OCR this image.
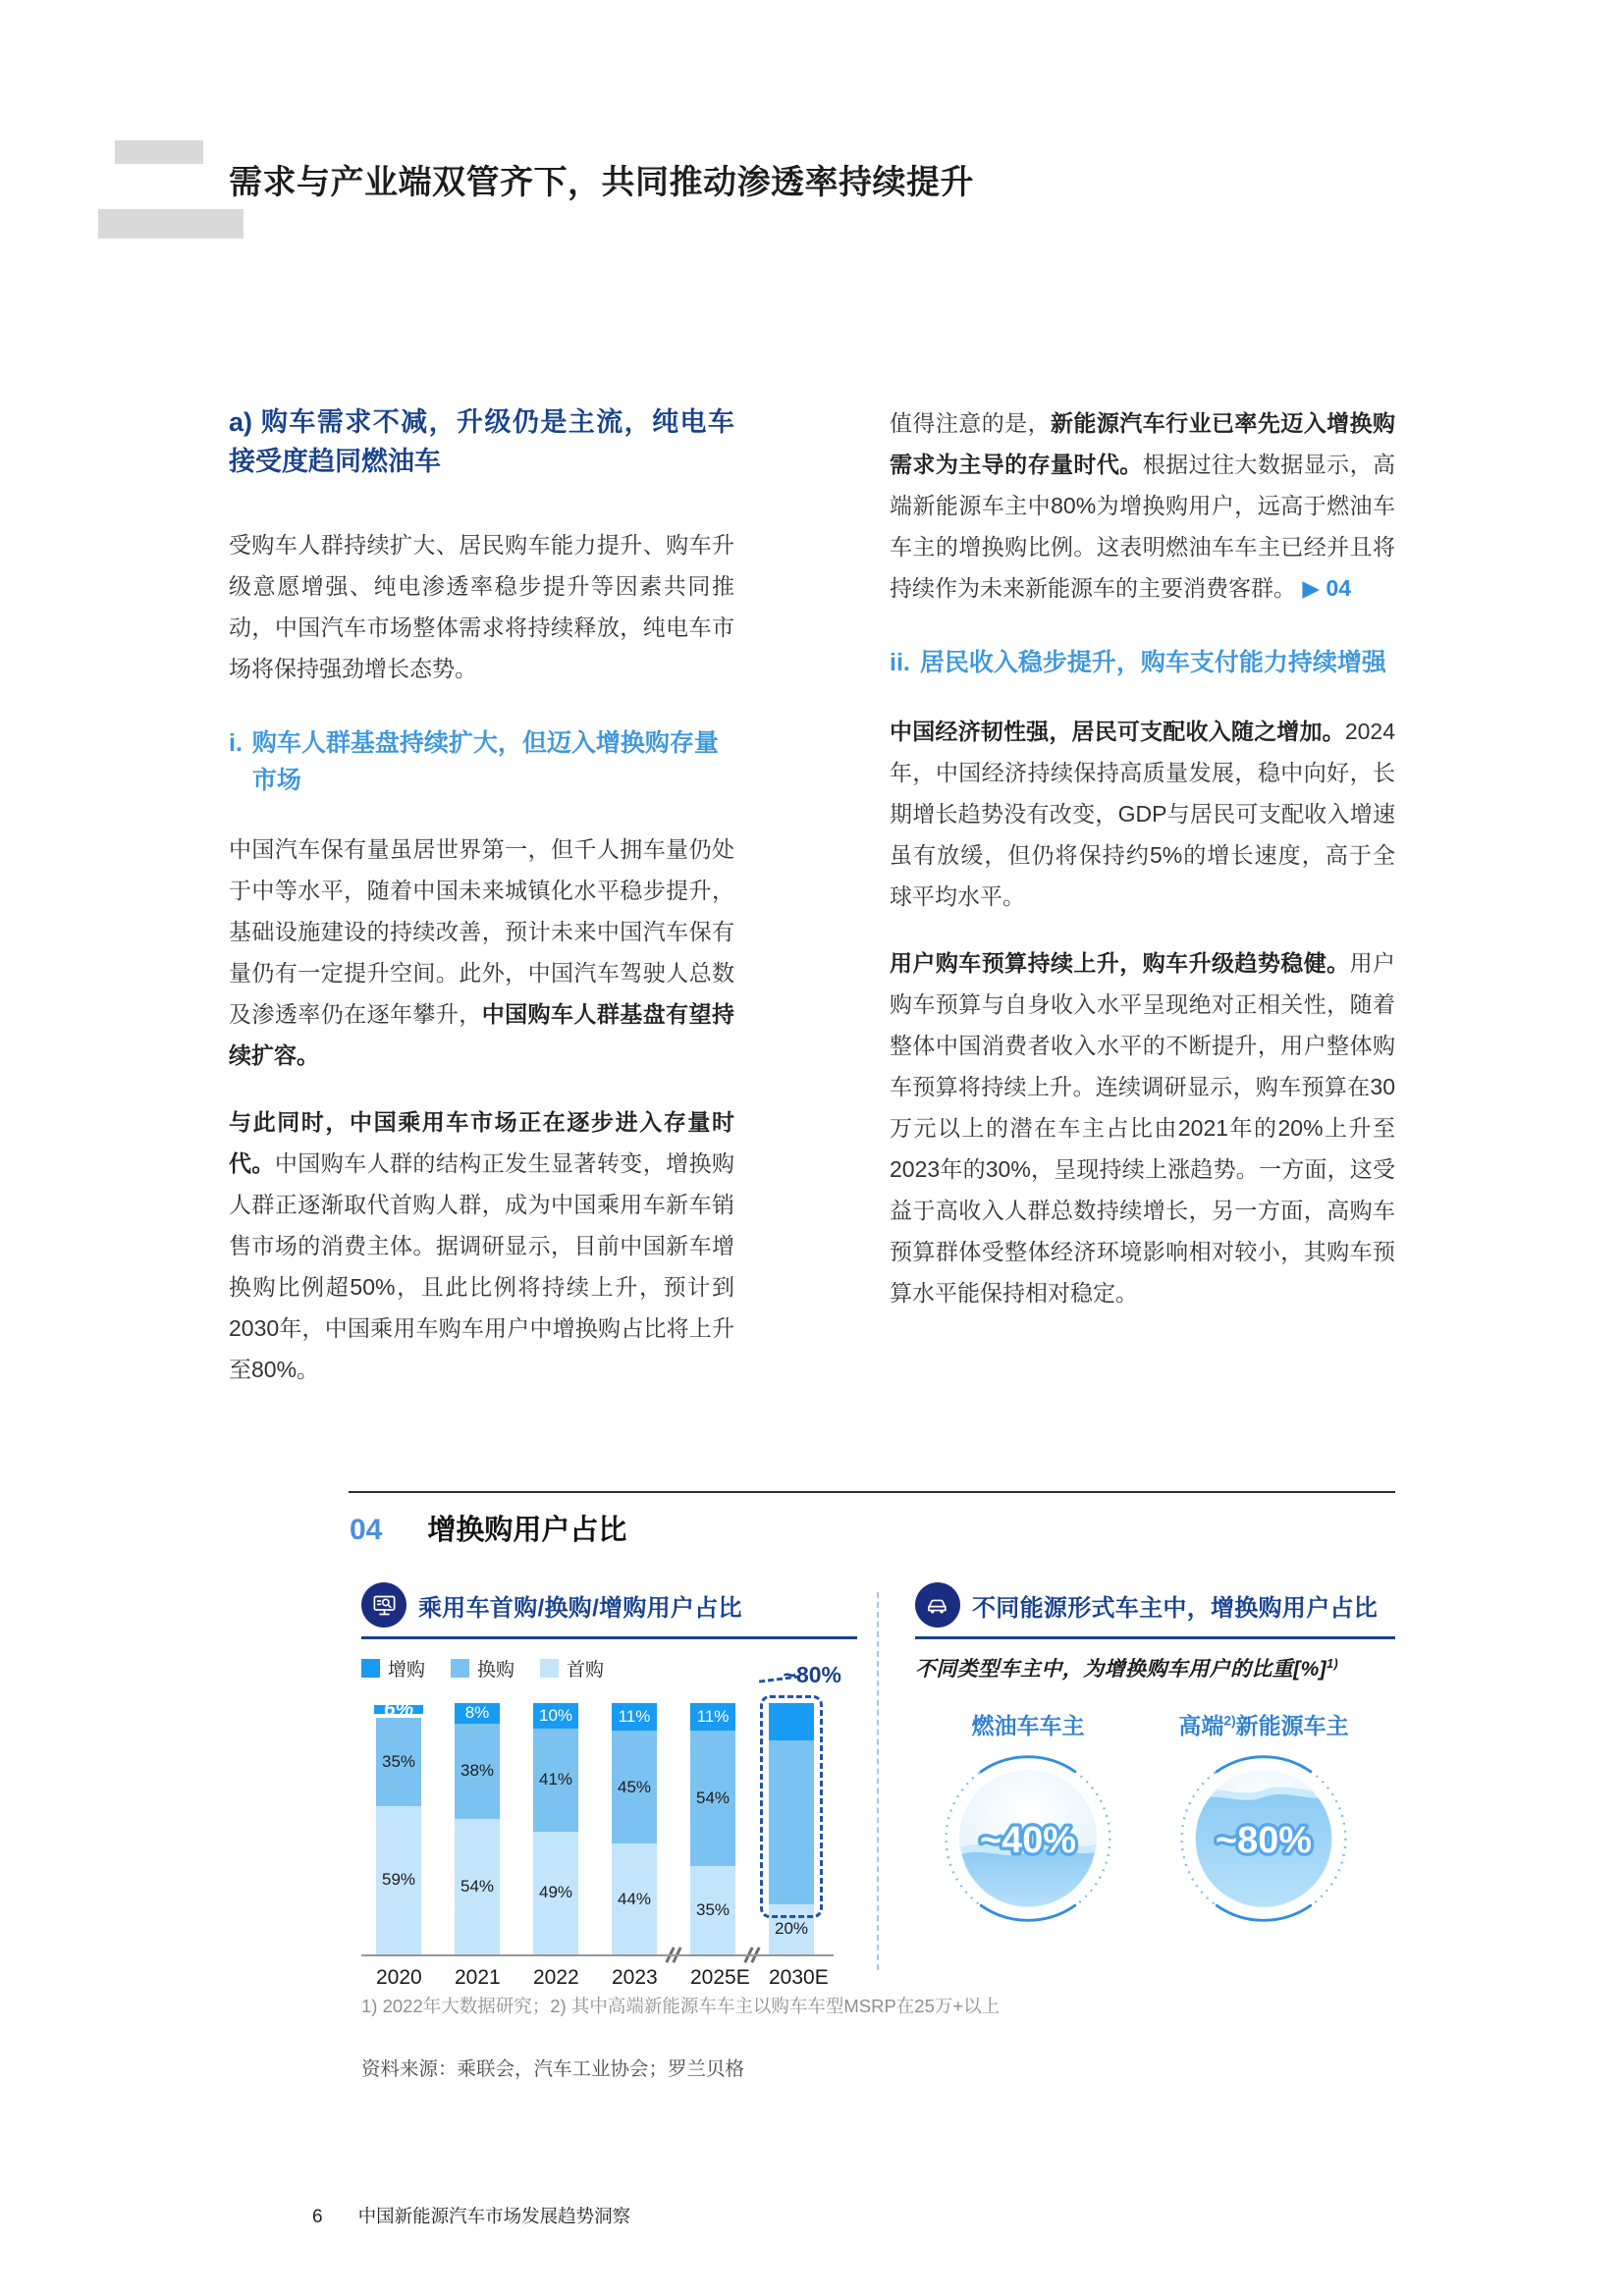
需求与产业端双管齐下，共同推动渗透率持续提升
a) 购车需求不减，升级仍是主流，纯电车接受度趋同燃油车

受购车人群持续扩大、居民购车能力提升、购车升级意愿增强、纯电渗透率稳步提升等因素共同推动，中国汽车市场整体需求将持续释放，纯电车市场将保持强劲增长态势。

i. 购车人群基盘持续扩大，但迈入增换购存量市场

中国汽车保有量虽居世界第一，但千人拥车量仍处于中等水平，随着中国未来城镇化水平稳步提升，基础设施建设的持续改善，预计未来中国汽车保有量仍有一定提升空间。此外，中国汽车驾驶人总数及渗透率仍在逐年攀升，中国购车人群基盘有望持续扩容。

与此同时，中国乘用车市场正在逐步进入存量时代。中国购车人群的结构正发生显著转变，增换购人群正逐渐取代首购人群，成为中国乘用车新车销售市场的消费主体。据调研显示，目前中国新车增换购比例超50%，且此比例将持续上升，预计到2030年，中国乘用车购车用户中增换购占比将上升至80%。

值得注意的是，新能源汽车行业已率先迈入增换购需求为主导的存量时代。根据过往大数据显示，高端新能源车主中80%为增换购用户，远高于燃油车车主的增换购比例。这表明燃油车车主已经并且将持续作为未来新能源车的主要消费客群。 ▶ 04

ii. 居民收入稳步提升，购车支付能力持续增强

中国经济韧性强，居民可支配收入随之增加。2024年，中国经济持续保持高质量发展，稳中向好，长期增长趋势没有改变，GDP与居民可支配收入增速虽有放缓，但仍将保持约5%的增长速度，高于全球平均水平。

用户购车预算持续上升，购车升级趋势稳健。用户购车预算与自身收入水平呈现绝对正相关性，随着整体中国消费者收入水平的不断提升，用户整体购车预算将持续上升。连续调研显示，购车预算在30万元以上的潜在车主占比由2021年的20%上升至2023年的30%，呈现持续上涨趋势。一方面，这受益于高收入人群总数持续增长，另一方面，高购车预算群体受整体经济环境影响相对较小，其购车预算水平能保持相对稳定。

04 增换购用户占比
乘用车首购/换购/增购用户占比
增购	换购	首购
6%
35%
59%
8%
38%
54%
10%
41%
49%
11%
45%
44%
11%
54%
35%
20%
~80%
2020 2021 2022 2023 2025E 2030E
不同能源形式车主中，增换购用户占比
不同类型车主中，为增换购车用户的比重[%]$^{1)}$
燃油车车主
~40%
高端$^{2)}$新能源车主
~80%
1) 2022年大数据研究；2) 其中高端新能源车车主以购车车型MSRP在25万+以上
资料来源：乘联会，汽车工业协会；罗兰贝格
6 中国新能源汽车市场发展趋势洞察
